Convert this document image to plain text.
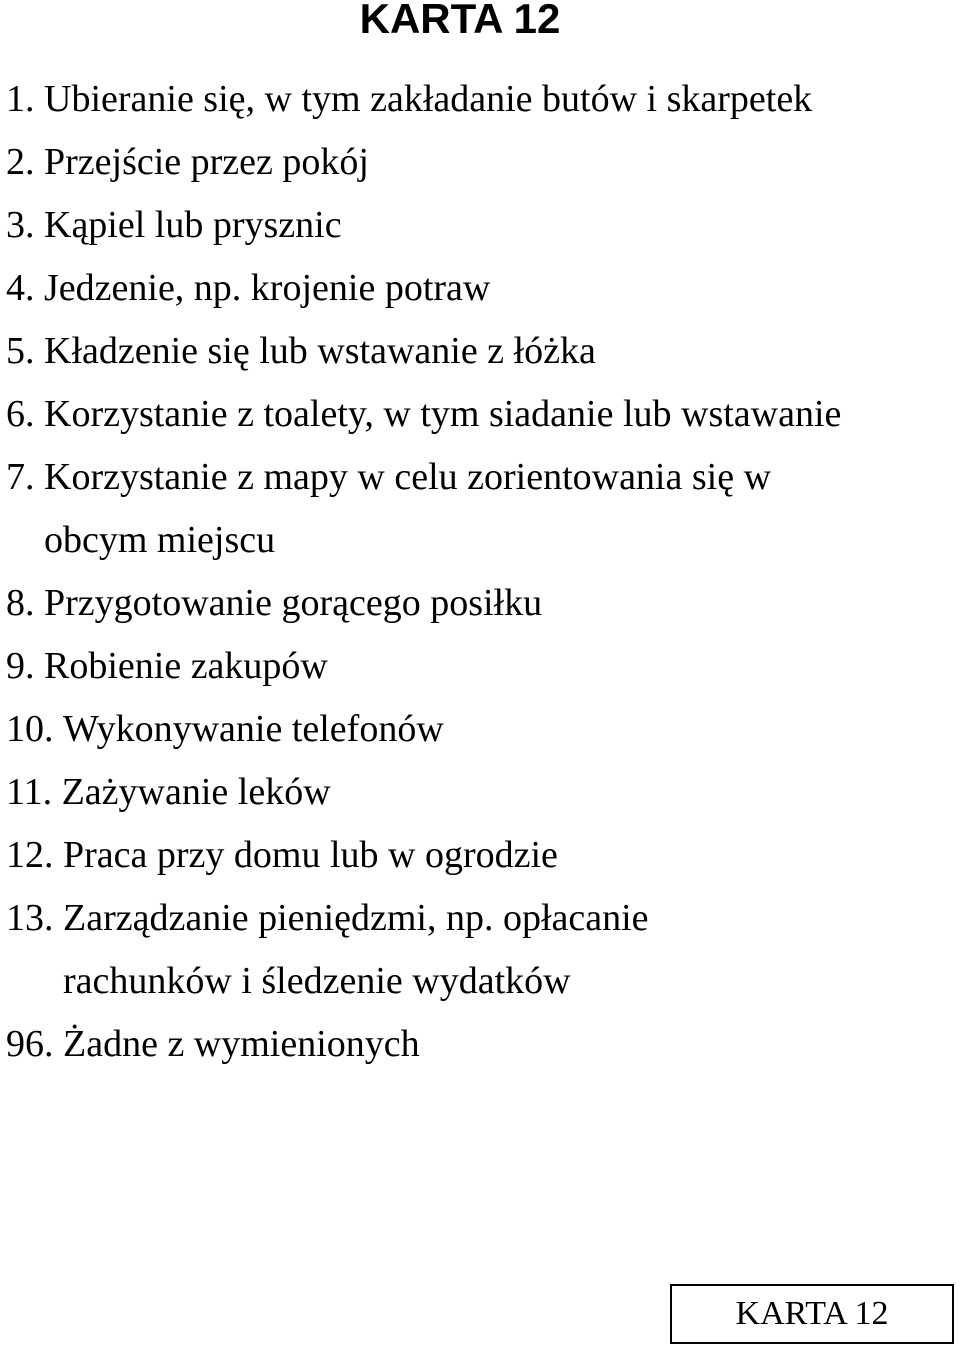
KARTA 12
1 . Ubieranie się, w tym zakładanie butów i skarpetek
2 . Przejście przez pokój
3 . Kąpiel lub prysznic
4 . Jedzenie, np. krojenie potraw
5 . Kładzenie się lub wstawanie z łóżka
6 . Korzystanie z toalety, w tym siadanie lub wstawanie
7 . Korzystanie z mapy w celu zorientowania się w obcym miejscu
8 . Przygotowanie gorącego posiłku
9 . Robienie zakupów
10 . Wykonywanie telefonów
11 . Zażywanie leków
12 . Praca przy domu lub w ogrodzie
13 . Zarządzanie pieniędzmi, np. opłacanie rachunków i śledzenie wydatków
96 . Żadne z wymienionych
KARTA 12
